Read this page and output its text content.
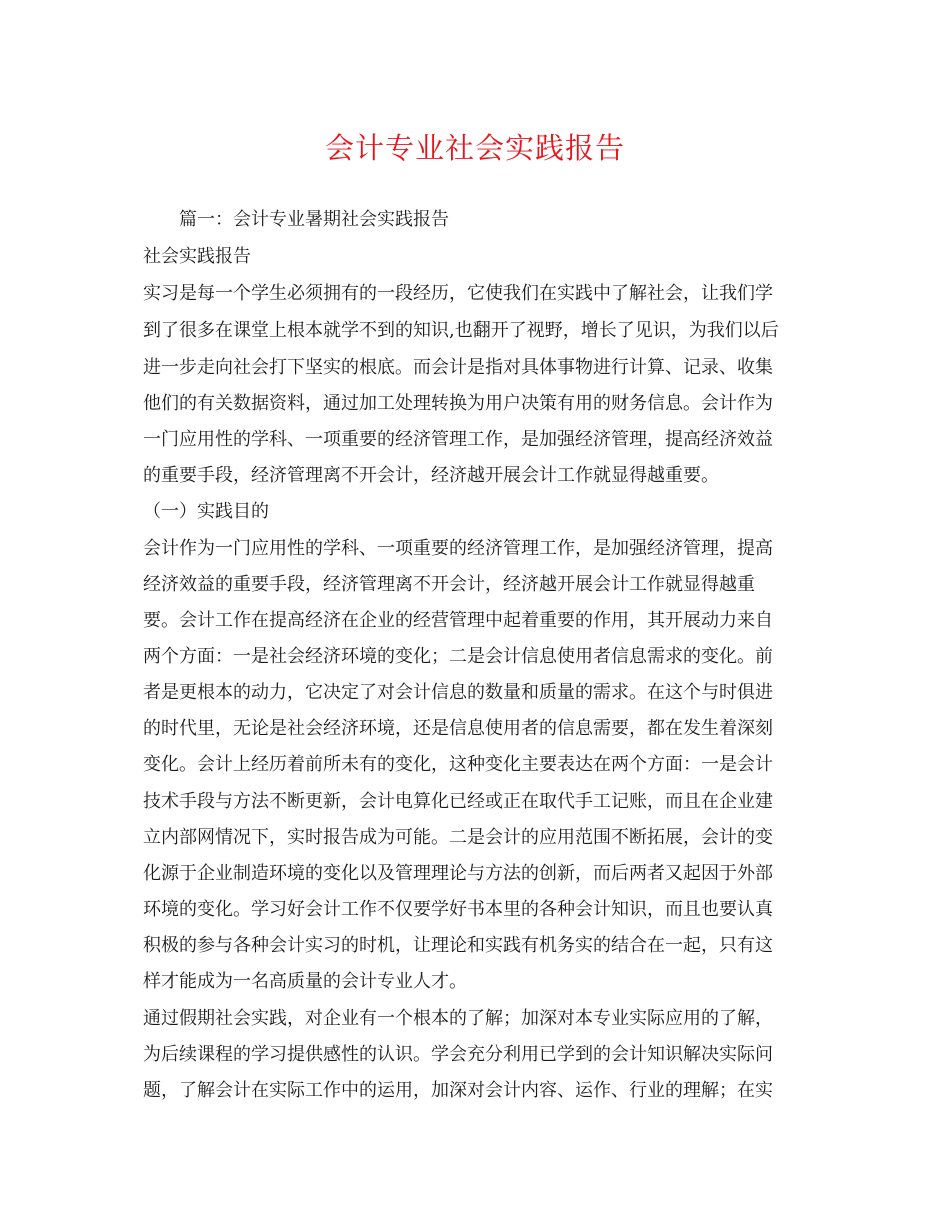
会计专业社会实践报告
　　篇一：会计专业暑期社会实践报告
社会实践报告
实习是每一个学生必须拥有的一段经历，它使我们在实践中了解社会，让我们学
到了很多在课堂上根本就学不到的知识,也翻开了视野，增长了见识，为我们以后
进一步走向社会打下坚实的根底。而会计是指对具体事物进行计算、记录、收集
他们的有关数据资料，通过加工处理转换为用户决策有用的财务信息。会计作为
一门应用性的学科、一项重要的经济管理工作，是加强经济管理，提高经济效益
的重要手段，经济管理离不开会计，经济越开展会计工作就显得越重要。
（一）实践目的
会计作为一门应用性的学科、一项重要的经济管理工作，是加强经济管理，提高
经济效益的重要手段，经济管理离不开会计，经济越开展会计工作就显得越重
要。会计工作在提高经济在企业的经营管理中起着重要的作用，其开展动力来自
两个方面：一是社会经济环境的变化；二是会计信息使用者信息需求的变化。前
者是更根本的动力，它决定了对会计信息的数量和质量的需求。在这个与时俱进
的时代里，无论是社会经济环境，还是信息使用者的信息需要，都在发生着深刻
变化。会计上经历着前所未有的变化，这种变化主要表达在两个方面：一是会计
技术手段与方法不断更新，会计电算化已经或正在取代手工记账，而且在企业建
立内部网情况下，实时报告成为可能。二是会计的应用范围不断拓展，会计的变
化源于企业制造环境的变化以及管理理论与方法的创新，而后两者又起因于外部
环境的变化。学习好会计工作不仅要学好书本里的各种会计知识，而且也要认真
积极的参与各种会计实习的时机，让理论和实践有机务实的结合在一起，只有这
样才能成为一名高质量的会计专业人才。
通过假期社会实践，对企业有一个根本的了解；加深对本专业实际应用的了解，
为后续课程的学习提供感性的认识。学会充分利用已学到的会计知识解决实际问
题，了解会计在实际工作中的运用，加深对会计内容、运作、行业的理解；在实
